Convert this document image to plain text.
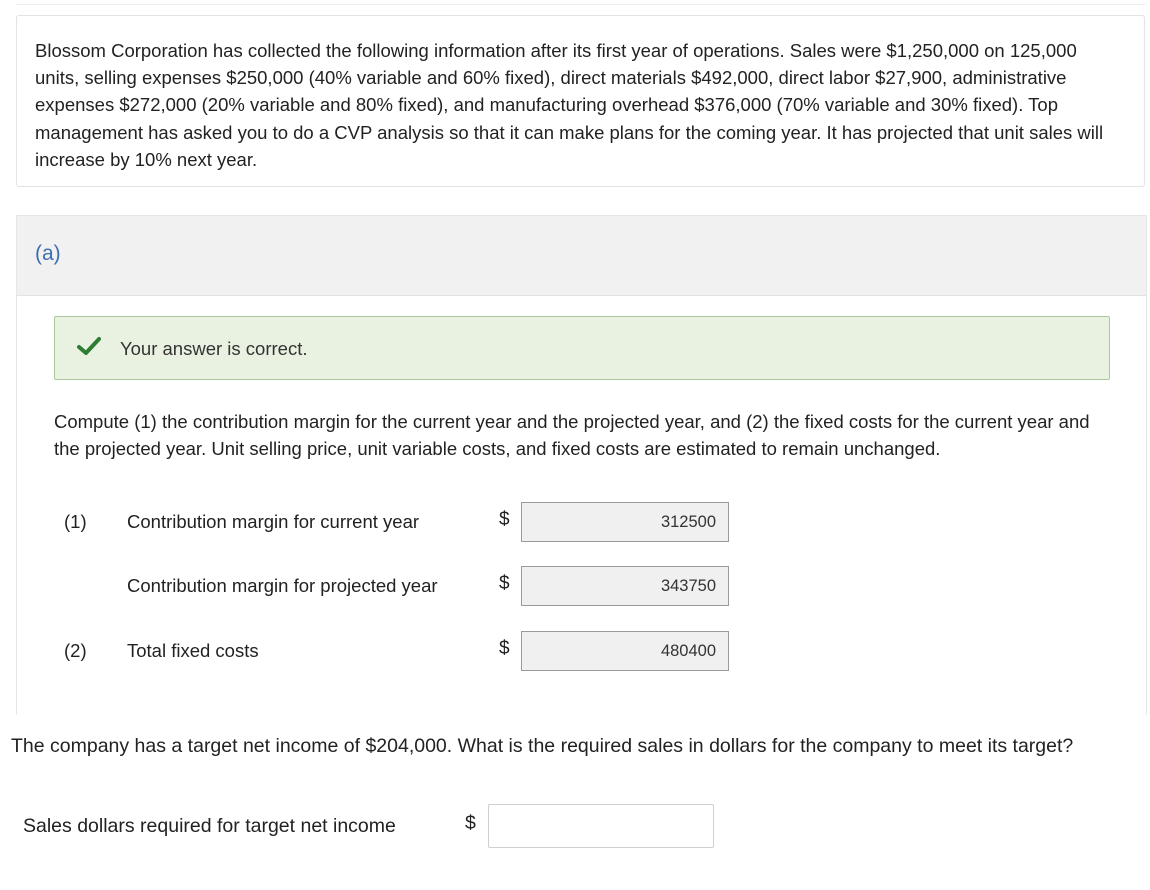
Blossom Corporation has collected the following information after its first year of operations. Sales were $1,250,000 on 125,000 units, selling expenses $250,000 (40% variable and 60% fixed), direct materials $492,000, direct labor $27,900, administrative expenses $272,000 (20% variable and 80% fixed), and manufacturing overhead $376,000 (70% variable and 30% fixed). Top management has asked you to do a CVP analysis so that it can make plans for the coming year. It has projected that unit sales will increase by 10% next year.

(a)
Your answer is correct.

Compute (1) the contribution margin for the current year and the projected year, and (2) the fixed costs for the current year and the projected year. Unit selling price, unit variable costs, and fixed costs are estimated to remain unchanged.

(1) Contribution margin for current year	$	312500
Contribution margin for projected year	$	343750
(2) Total fixed costs	$	480400
The company has a target net income of $204,000. What is the required sales in dollars for the company to meet its target?
Sales dollars required for target net income	$
